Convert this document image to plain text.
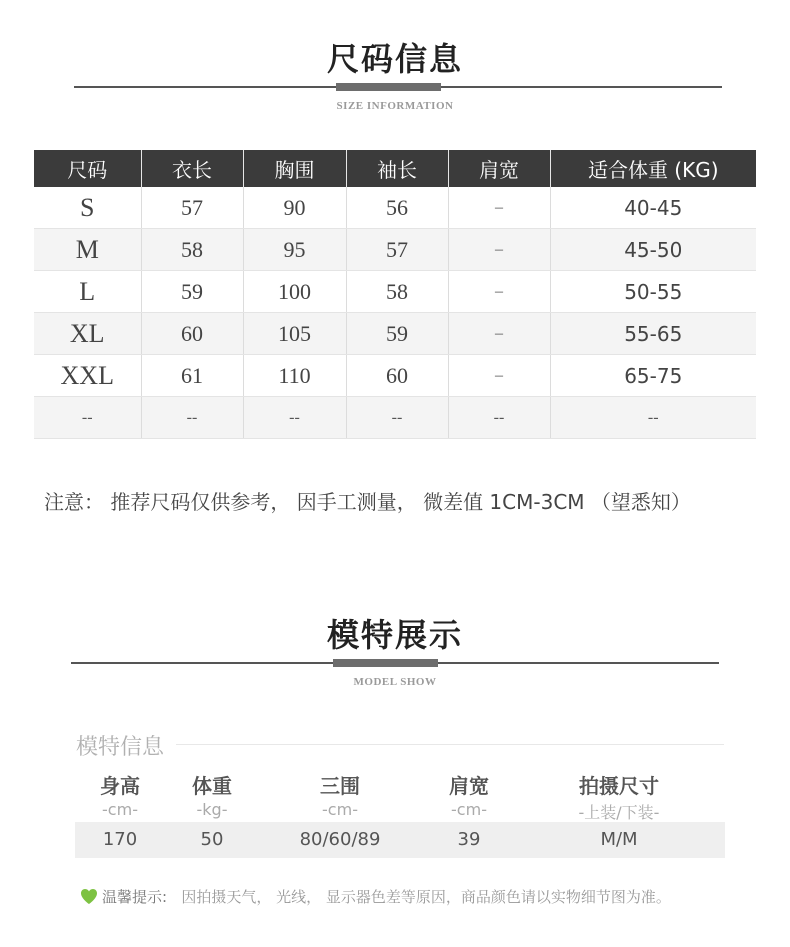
尺码信息
SIZE INFORMATION
尺码	衣长	胸围	袖长	肩宽	适合体重 (KG)
S	57	90	56	–	40-45
M	58	95	57	–	45-50
L	59	100	58	–	50-55
XL	60	105	59	–	55-65
XXL	61	110	60	–	65-75
--	--	--	--	--	--
注意： 推荐尺码仅供参考， 因手工测量， 微差值 1CM-3CM （望悉知）
模特展示
MODEL SHOW
模特信息
身高	体重	三围	肩宽	拍摄尺寸
-cm-	-kg-	-cm-	-cm-	-上装/下装-
170	50	80/60/89	39	M/M
温馨提示: 因拍摄天气， 光线， 显示器色差等原因，商品颜色请以实物细节图为准。
